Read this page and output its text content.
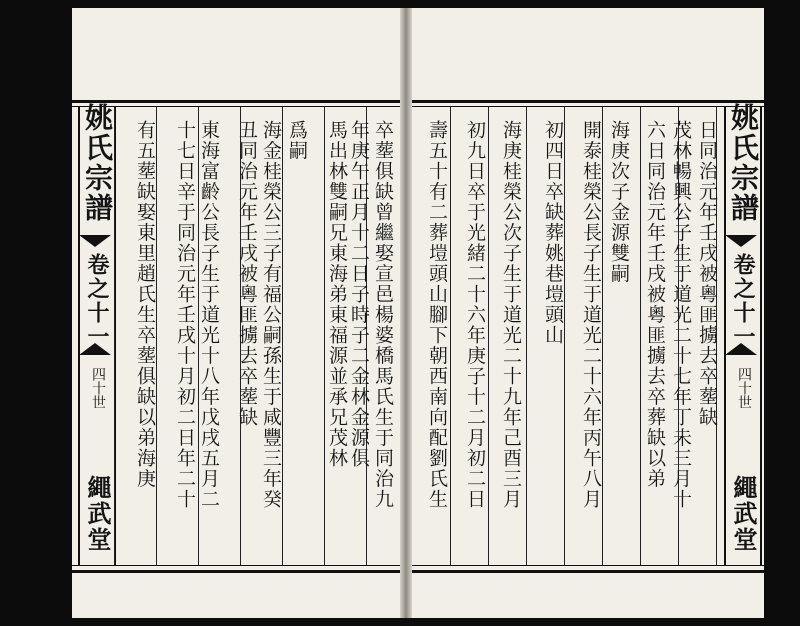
姚氏宗譜
卷之十一
四十世
繩武堂
卒塟俱缺曾繼娶宣邑楊婆橋馬氏生于同治九
年庚午正月十二日子時子二金林金源俱
馬出林雙嗣兄東海弟東福源並承兄茂林
爲嗣
海金桂榮公三子有福公嗣孫生于咸豐三年癸
丑同治元年壬戌被粵匪擄去卒塟缺
東海富齡公長子生于道光十八年戊戌五月二
十七日辛于同治元年壬戌十月初二日年二十
有五塟缺娶東里趙氏生卒塟俱缺以弟海庚	日同治元年壬戌被粵匪擄去卒塟缺
茂林暢興公子生于道光二十七年丁未三月十
六日同治元年壬戌被粵匪擄去卒葬缺以弟
海庚次子金源雙嗣
開泰桂榮公長子生于道光二十六年丙午八月
初四日卒缺葬姚巷塏頭山
海庚桂榮公次子生于道光二十九年己酉三月
初九日卒于光緒二十六年庚子十二月初二日
壽五十有二葬塏頭山腳下朝西南向配劉氏生	姚氏宗譜
卷之十一
四十世
繩武堂
